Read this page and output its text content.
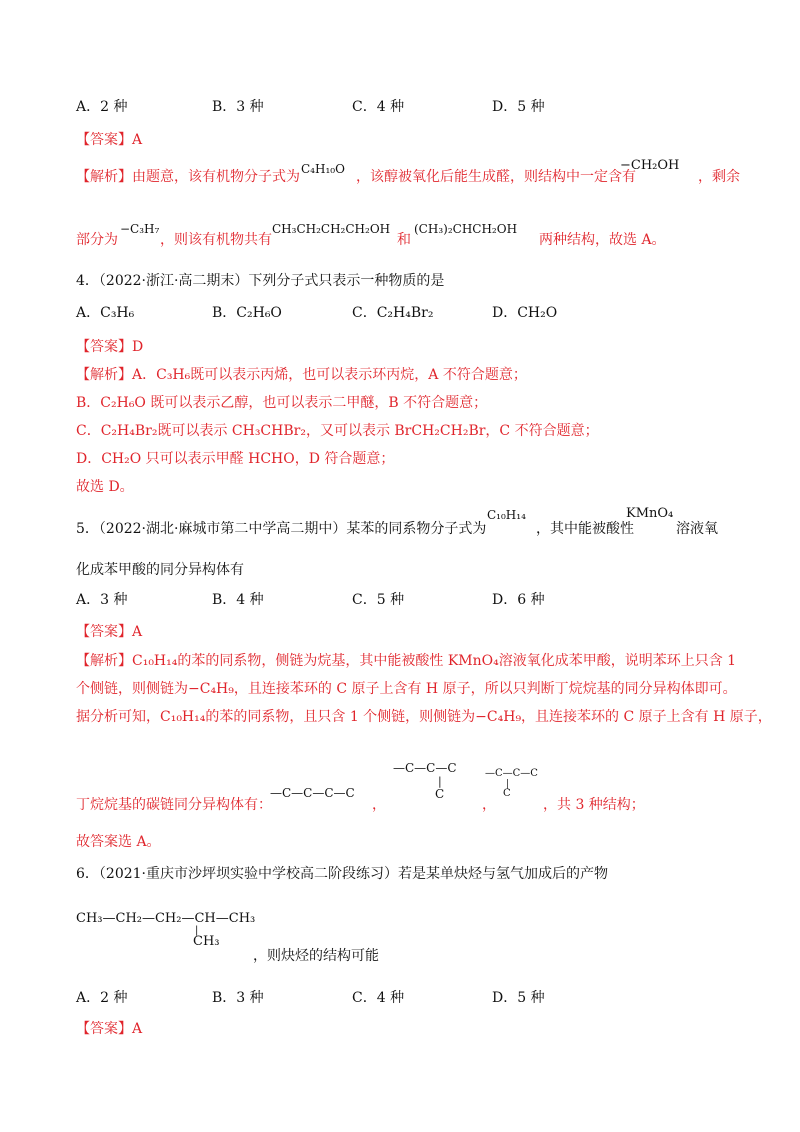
A．2 种	B．3 种	C．4 种	D．5 种
【答案】A
【解析】由题意，该有机物分子式为	，该醇被氧化后能生成醛，则结构中一定含有	，剩余
C₄H₁₀O	−CH₂OH
部分为
−C₃H₇
，则该有机物共有
CH₃CH₂CH₂CH₂OH
和
(CH₃)₂CHCH₂OH
两种结构，故选 A。
4．（2022·浙江·高二期末）下列分子式只表示一种物质的是
A．C₃H₆	B．C₂H₆O	C．C₂H₄Br₂	D．CH₂O
【答案】D
【解析】A．C₃H₆既可以表示丙烯，也可以表示环丙烷，A 不符合题意；
B．C₂H₆O 既可以表示乙醇，也可以表示二甲醚，B 不符合题意；
C．C₂H₄Br₂既可以表示 CH₃CHBr₂，又可以表示 BrCH₂CH₂Br，C 不符合题意；
D．CH₂O 只可以表示甲醛 HCHO，D 符合题意；
故选 D。
5．（2022·湖北·麻城市第二中学高二期中）某苯的同系物分子式为
C₁₀H₁₄
，其中能被酸性
KMnO₄
溶液氧
化成苯甲酸的同分异构体有
A．3 种	B．4 种	C．5 种	D．6 种
【答案】A
【解析】C₁₀H₁₄的苯的同系物，侧链为烷基，其中能被酸性 KMnO₄溶液氧化成苯甲酸，说明苯环上只含 1
个侧链，则侧链为−C₄H₉，且连接苯环的 C 原子上含有 H 原子，所以只判断丁烷烷基的同分异构体即可。
据分析可知，C₁₀H₁₄的苯的同系物，且只含 1 个侧链，则侧链为−C₄H₉，且连接苯环的 C 原子上含有 H 原子，
丁烷烷基的碳链同分异构体有：
—C—C—C—C
，
—C—C—C
|
C
，
—C—C—C
|
C
，共 3 种结构；
故答案选 A。
6．（2021·重庆市沙坪坝实验中学校高二阶段练习）若是某单炔烃与氢气加成后的产物
CH₃—CH₂—CH₂—CH—CH₃
|
CH₃
，则炔烃的结构可能
A．2 种	B．3 种	C．4 种	D．5 种
【答案】A
